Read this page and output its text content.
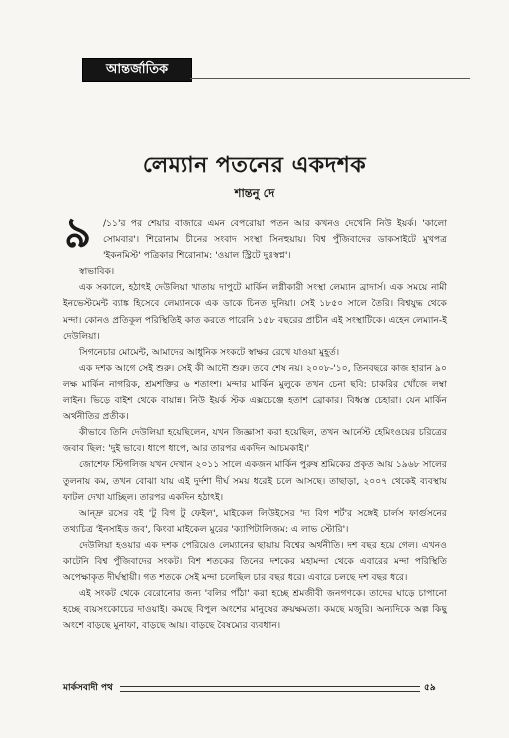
আন্তর্জাতিক
লেম্যান পতনের একদশক
শান্তনু দে
৯	/১১'র পর শেয়ার বাজারে এমন বেপরোয়া পতন আর কখনও দেখেনি নিউ ইয়র্ক। 'কালো সোমবার'। শিরোনাম চীনের সংবাদ সংস্থা সিনহুয়ায়। বিশ্ব পুঁজিবাদের ডাকসাইটে মুখপত্র 'ইকনমিস্ট' পত্রিকার শিরোনাম: 'ওয়াল স্ট্রিটে দুঃস্বপ্ন'।

স্বাভাবিক।

এক সকালে, হঠাৎই দেউলিয়া খাতায় দাপুটে মার্কিন লগ্নীকারী সংস্থা লেম্যান ব্রাদার্স। এক সময়ে নামী ইনভেস্টমেন্ট ব্যাঙ্ক হিসেবে লেম্যানকে এক ডাকে চিনত দুনিয়া। সেই ১৮৫০ সালে তৈরি। বিশ্বযুদ্ধ থেকে মন্দা। কোনও প্রতিকূল পরিস্থিতিই কাত করতে পারেনি ১৫৮ বছরের প্রাচীন এই সংস্থাটিকে। এহেন লেম্যান-ই দেউলিয়া।

সিগনেচার মোমেন্ট, আমাদের আধুনিক সংকটে স্বাক্ষর রেখে যাওয়া মুহূর্ত।

এক দশক আগে সেই শুরু। সেই কী আদৌ শুরু। তবে শেষ নয়। ২০০৮-'১০, তিনবছরে কাজ হারান ৯০ লক্ষ মার্কিন নাগরিক, শ্রমশক্তির ৬ শতাংশ। মন্দার মার্কিন মুলুকে তখন চেনা ছবি: চাকরির খোঁজে লম্বা লাইন। ভিড়ে বাইশ থেকে বায়ান্ন। নিউ ইয়র্ক স্টক এক্সচেঞ্জে হতাশ ব্রোকার। বিধ্বস্ত চেহারা। যেন মার্কিন অর্থনীতির প্রতীক।

কীভাবে তিনি দেউলিয়া হয়েছিলেন, যখন জিজ্ঞাসা করা হয়েছিল, তখন আর্নেস্ট হেমিংওয়ের চরিত্রের জবাব ছিল: 'দুই ভাবে। ধাপে ধাপে, আর তারপর একদিন আচমকাই।'

জোশেফ স্টিগলিজ যখন দেখান ২০১১ সালে একজন মার্কিন পুরুষ শ্রমিকের প্রকৃত আয় ১৯৬৮ সালের তুলনায় কম, তখন বোঝা যায় এই দুর্দশা দীর্ঘ সময় ধরেই চলে আসছে। তাছাড়া, ২০০৭ থেকেই ব্যবস্থায় ফাটল দেখা যাচ্ছিল। তারপর একদিন হঠাৎই।

আন্দ্রু রসের বই 'টু বিগ টু ফেইল', মাইকেল লিউইসের 'দ্য বিগ শর্ট'র সঙ্গেই চার্লস ফার্গুসনের তথ্যচিত্র 'ইনসাইড জব', কিংবা মাইকেল মুরের 'ক্যাপিটালিজম: এ লাভ স্টোরি'।

দেউলিয়া হওয়ার এক দশক পেরিয়েও লেম্যানের ছায়ায় বিশ্বের অর্থনীতি। দশ বছর হয়ে গেল। এখনও কাটেনি বিশ্ব পুঁজিবাদের সংকট। বিশ শতকের তিনের দশকের মহামন্দা থেকে এবারের মন্দা পরিস্থিতি অপেক্ষাকৃত দীর্ঘস্থায়ী। গত শতকে সেই মন্দা চলেছিল চার বছর ধরে। এবারে চলছে দশ বছর ধরে।

এই সংকট থেকে বেরোনোর জন্য 'বলির পাঁঠা' করা হচ্ছে শ্রমজীবী জনগণকে। তাদের ঘাড়ে চাপানো হচ্ছে ব্যয়সংকোচের দাওয়াই। কমছে বিপুল অংশের মানুষের ক্রয়ক্ষমতা। কমছে মজুরি। অন্যদিকে অল্প কিছু অংশে বাড়ছে মুনাফা, বাড়ছে আয়। বাড়ছে বৈষম্যের ব্যবধান।

মার্কসবাদী পথ	৫৯
